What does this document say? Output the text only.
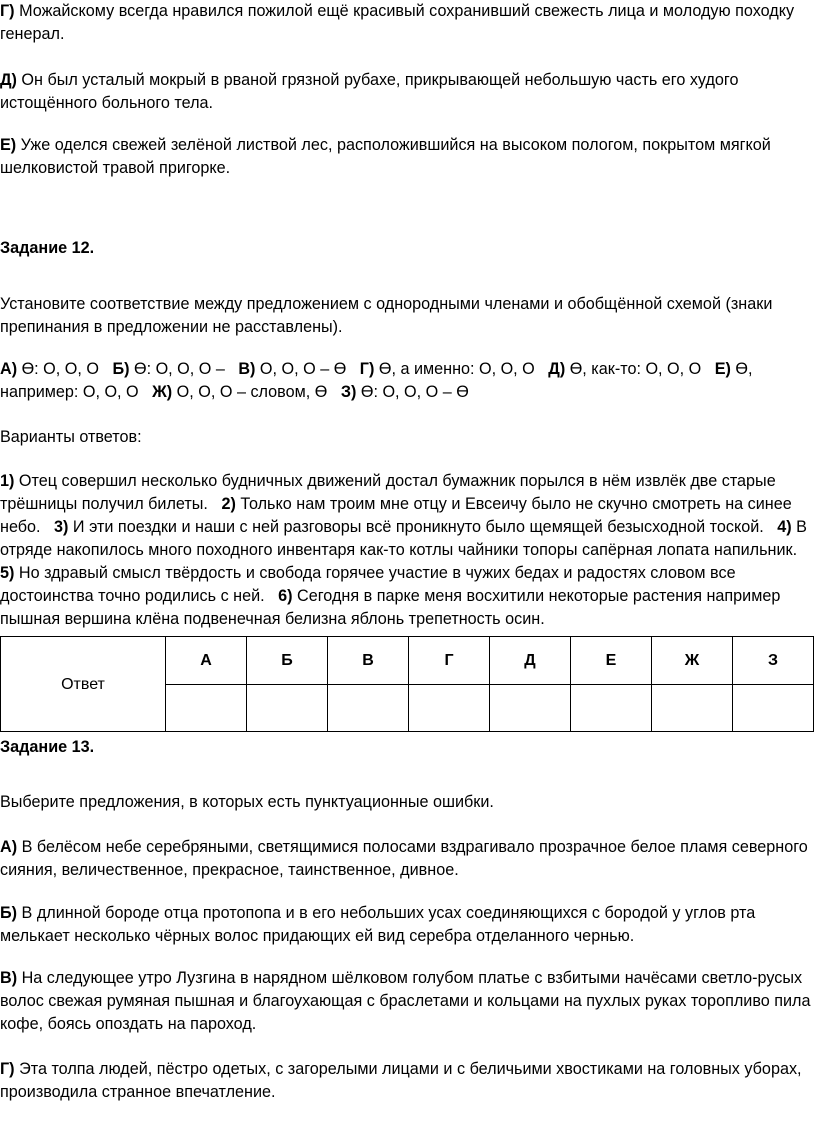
Г) Можайскому всегда нравился пожилой ещё красивый сохранивший свежесть лица и молодую походку генерал.

Д) Он был усталый мокрый в рваной грязной рубахе, прикрывающей небольшую часть его худого истощённого больного тела.

Е) Уже оделся свежей зелёной листвой лес, расположившийся на высоком пологом, покрытом мягкой шелковистой травой пригорке.

Задание 12.

Установите соответствие между предложением с однородными членами и обобщённой схемой (знаки препинания в предложении не расставлены).

А) ϴ: О, О, О   Б) ϴ: О, О, О –   В) О, О, О – ϴ   Г) ϴ, а именно: О, О, О   Д) ϴ, как-то: О, О, О   Е) ϴ, например: О, О, О   Ж) О, О, О – словом, ϴ   З) ϴ: О, О, О – ϴ

Варианты ответов:

1) Отец совершил несколько будничных движений достал бумажник порылся в нём извлёк две старые трёшницы получил билеты.   2) Только нам троим мне отцу и Евсеичу было не скучно смотреть на синее небо.   3) И эти поездки и наши с ней разговоры всё проникнуто было щемящей безысходной тоской.   4) В отряде накопилось много походного инвентаря как-то котлы чайники топоры сапёрная лопата напильник. 5) Но здравый смысл твёрдость и свобода горячее участие в чужих бедах и радостях словом все достоинства точно родились с ней.   6) Сегодня в парке меня восхитили некоторые растения например пышная вершина клёна подвенечная белизна яблонь трепетность осин.

Ответ	А	Б	В	Г	Д	Е	Ж	З

Задание 13.

Выберите предложения, в которых есть пунктуационные ошибки.

А) В белёсом небе серебряными, светящимися полосами вздрагивало прозрачное белое пламя северного сияния, величественное, прекрасное, таинственное, дивное.

Б) В длинной бороде отца протопопа и в его небольших усах соединяющихся с бородой у углов рта мелькает несколько чёрных волос придающих ей вид серебра отделанного чернью.

В) На следующее утро Лузгина в нарядном шёлковом голубом платье с взбитыми начёсами светло-русых волос свежая румяная пышная и благоухающая с браслетами и кольцами на пухлых руках торопливо пила кофе, боясь опоздать на пароход.

Г) Эта толпа людей, пёстро одетых, с загорелыми лицами и с беличьими хвостиками на головных уборах, производила странное впечатление.
